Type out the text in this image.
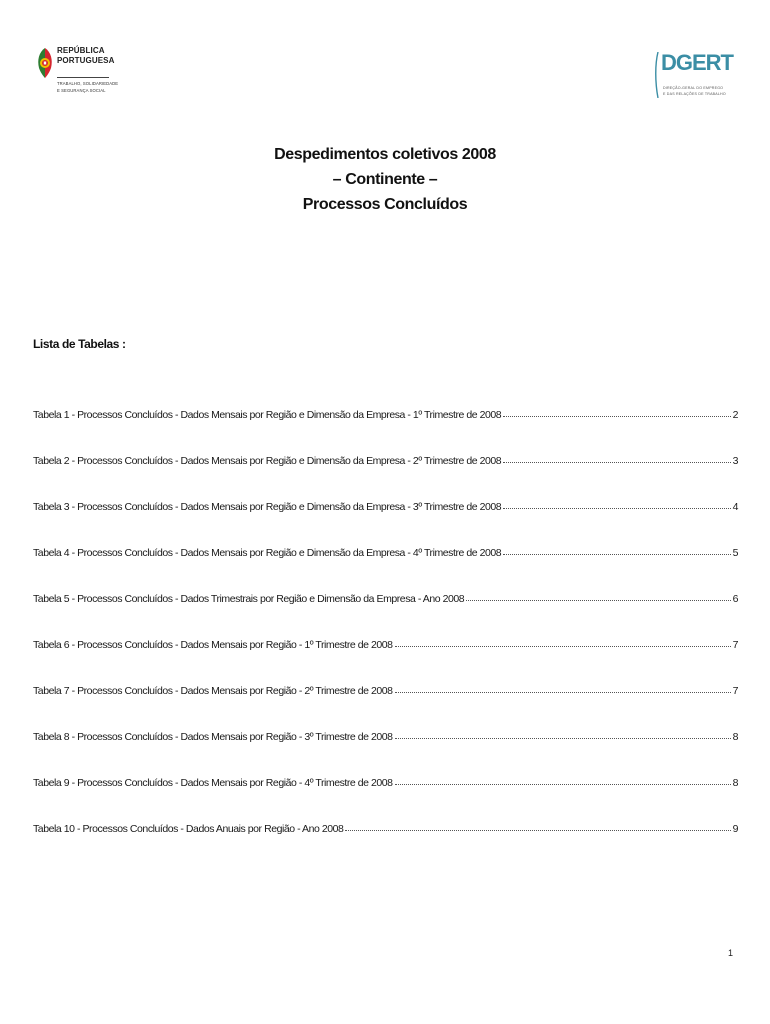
REPÚBLICA
PORTUGUESA
TRABALHO, SOLIDARIEDADE
E SEGURANÇA SOCIAL
DGERT
DIREÇÃO-GERAL DO EMPREGO
E DAS RELAÇÕES DE TRABALHO
Despedimentos coletivos 2008
– Continente –
Processos Concluídos
Lista de Tabelas :
Tabela 1 - Processos Concluídos - Dados Mensais por Região e Dimensão da Empresa - 1º Trimestre de 2008	2
Tabela 2 - Processos Concluídos - Dados Mensais por Região e Dimensão da Empresa - 2º Trimestre de 2008	3
Tabela 3 - Processos Concluídos - Dados Mensais por Região e Dimensão da Empresa - 3º Trimestre de 2008	4
Tabela 4 - Processos Concluídos - Dados Mensais por Região e Dimensão da Empresa - 4º Trimestre de 2008	5
Tabela 5 - Processos Concluídos - Dados Trimestrais por Região e Dimensão da Empresa - Ano 2008	6
Tabela 6 - Processos Concluídos - Dados Mensais por Região - 1º Trimestre de 2008	7
Tabela 7 - Processos Concluídos - Dados Mensais por Região - 2º Trimestre de 2008	7
Tabela 8 - Processos Concluídos - Dados Mensais por Região - 3º Trimestre de 2008	8
Tabela 9 - Processos Concluídos - Dados Mensais por Região - 4º Trimestre de 2008	8
Tabela 10 - Processos Concluídos - Dados Anuais por Região - Ano 2008	9
1
